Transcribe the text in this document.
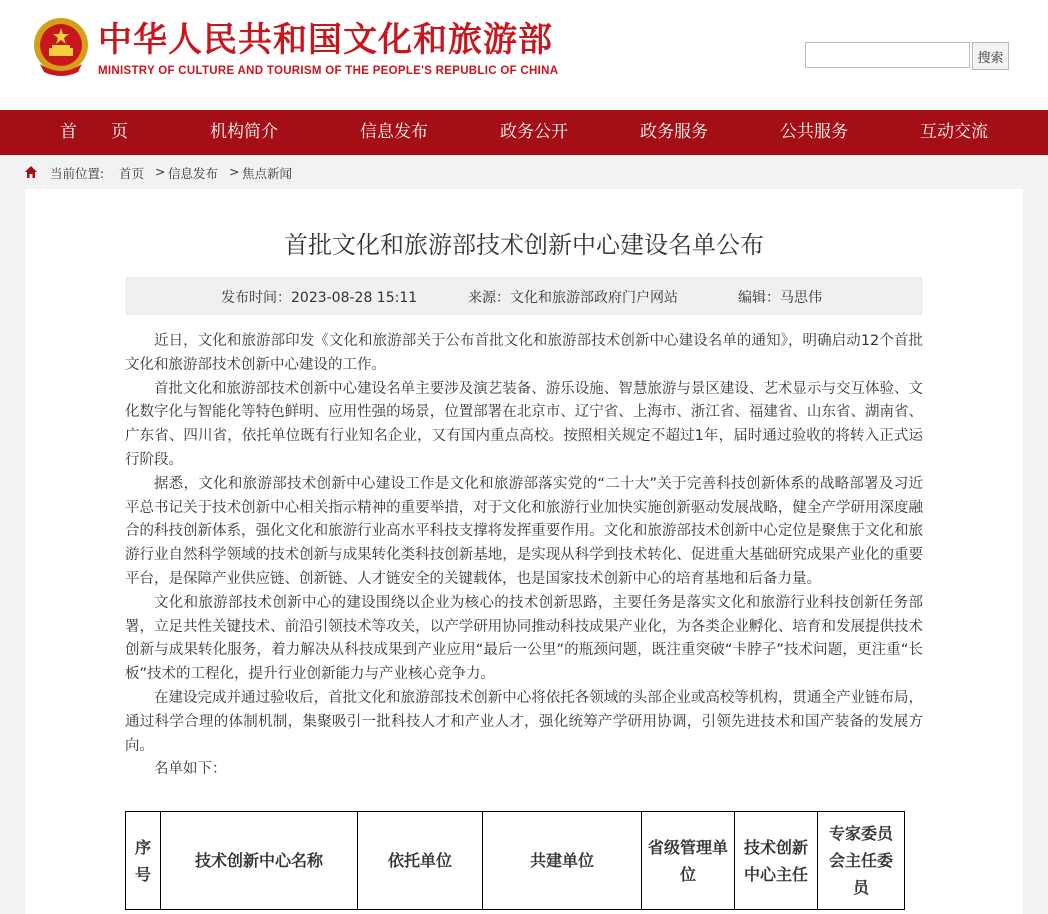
中华人民共和国文化和旅游部
MINISTRY OF CULTURE AND TOURISM OF THE PEOPLE'S REPUBLIC OF CHINA
搜索
首　　页	机构简介	信息发布	政务公开	政务服务	公共服务	互动交流
当前位置: 首页 > 信息发布 > 焦点新闻
首批文化和旅游部技术创新中心建设名单公布
发布时间：2023-08-28 15:11	来源：文化和旅游部政府门户网站	编辑：马思伟

近日，文化和旅游部印发《文化和旅游部关于公布首批文化和旅游部技术创新中心建设名单的通知》，明确启动12个首批文化和旅游部技术创新中心建设的工作。

首批文化和旅游部技术创新中心建设名单主要涉及演艺装备、游乐设施、智慧旅游与景区建设、艺术显示与交互体验、文化数字化与智能化等特色鲜明、应用性强的场景，位置部署在北京市、辽宁省、上海市、浙江省、福建省、山东省、湖南省、广东省、四川省，依托单位既有行业知名企业，又有国内重点高校。按照相关规定不超过1年，届时通过验收的将转入正式运行阶段。

据悉，文化和旅游部技术创新中心建设工作是文化和旅游部落实党的“二十大”关于完善科技创新体系的战略部署及习近平总书记关于技术创新中心相关指示精神的重要举措，对于文化和旅游行业加快实施创新驱动发展战略，健全产学研用深度融合的科技创新体系，强化文化和旅游行业高水平科技支撑将发挥重要作用。文化和旅游部技术创新中心定位是聚焦于文化和旅游行业自然科学领域的技术创新与成果转化类科技创新基地，是实现从科学到技术转化、促进重大基础研究成果产业化的重要平台，是保障产业供应链、创新链、人才链安全的关键载体，也是国家技术创新中心的培育基地和后备力量。

文化和旅游部技术创新中心的建设围绕以企业为核心的技术创新思路，主要任务是落实文化和旅游行业科技创新任务部署，立足共性关键技术、前沿引领技术等攻关，以产学研用协同推动科技成果产业化，为各类企业孵化、培育和发展提供技术创新与成果转化服务，着力解决从科技成果到产业应用“最后一公里”的瓶颈问题，既注重突破“卡脖子”技术问题，更注重“长板”技术的工程化，提升行业创新能力与产业核心竞争力。

在建设完成并通过验收后，首批文化和旅游部技术创新中心将依托各领域的头部企业或高校等机构，贯通全产业链布局，通过科学合理的体制机制，集聚吸引一批科技人才和产业人才，强化统筹产学研用协调，引领先进技术和国产装备的发展方向。

名单如下：

序号	技术创新中心名称	依托单位	共建单位	省级管理单位	技术创新中心主任	专家委员会主任委员
